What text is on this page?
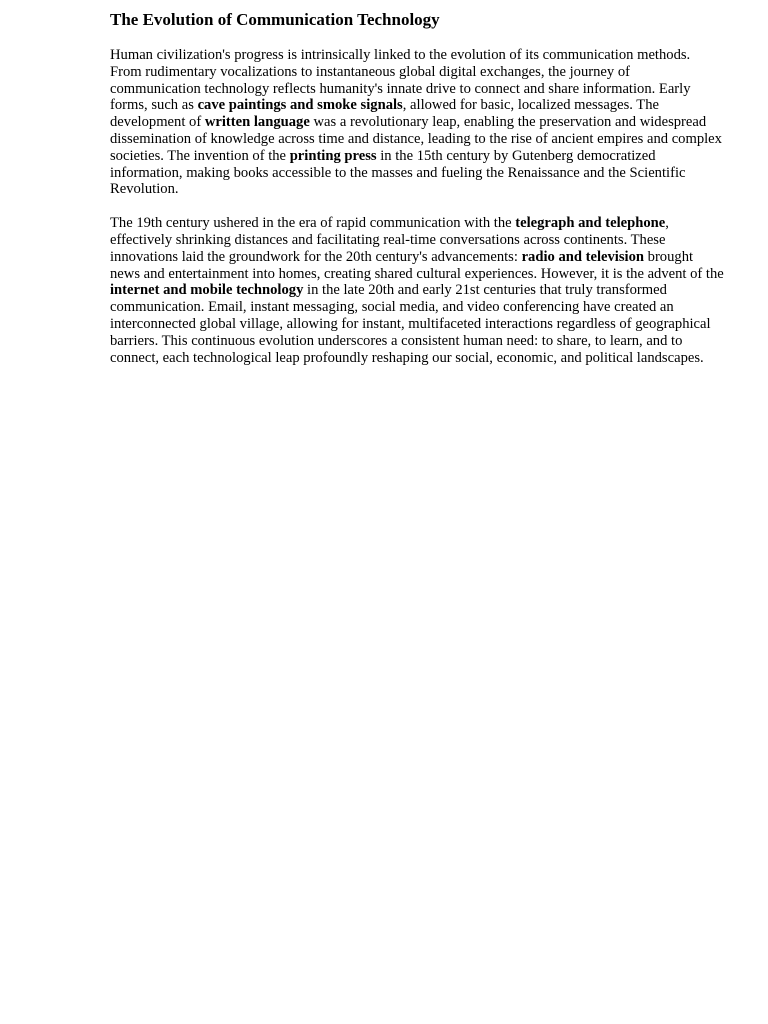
The Evolution of Communication Technology

Human civilization's progress is intrinsically linked to the evolution of its communication methods. From rudimentary vocalizations to instantaneous global digital exchanges, the journey of communication technology reflects humanity's innate drive to connect and share information. Early forms, such as cave paintings and smoke signals, allowed for basic, localized messages. The development of written language was a revolutionary leap, enabling the preservation and widespread dissemination of knowledge across time and distance, leading to the rise of ancient empires and complex societies. The invention of the printing press in the 15th century by Gutenberg democratized information, making books accessible to the masses and fueling the Renaissance and the Scientific Revolution.

The 19th century ushered in the era of rapid communication with the telegraph and telephone, effectively shrinking distances and facilitating real-time conversations across continents. These innovations laid the groundwork for the 20th century's advancements: radio and television brought news and entertainment into homes, creating shared cultural experiences. However, it is the advent of the internet and mobile technology in the late 20th and early 21st centuries that truly transformed communication. Email, instant messaging, social media, and video conferencing have created an interconnected global village, allowing for instant, multifaceted interactions regardless of geographical barriers. This continuous evolution underscores a consistent human need: to share, to learn, and to connect, each technological leap profoundly reshaping our social, economic, and political landscapes.
